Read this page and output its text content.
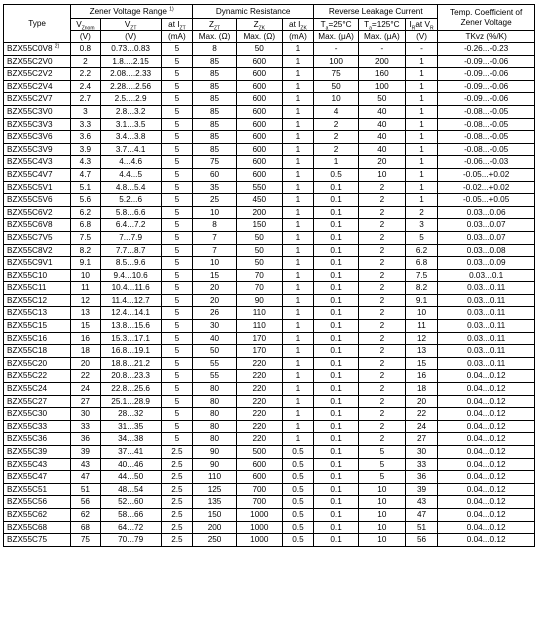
Type	Zener Voltage Range $^{1)}$			Dynamic Resistance			Reverse Leakage Current			Temp. Coefficient of Zener Voltage
	$V_{Znom}$	$V_{ZT}$	at $I_{ZT}$	$Z_{ZT}$	$Z_{ZK}$	at $I_{ZK}$	$T_a=25^\circ C$	$T_a=125^\circ C$	$I_Rat$ $V_R$
	(V)	(V)	(mA)	Max. (Ω)	Max. (Ω)	(mA)	Max. (μA)	Max. (μA)	(V)	TKvz (%/K)
BZX55C0V8 $^{2)}$	0.8	0.73...0.83	5	8	50	1	-	-	-	-0.26...-0.23
BZX55C2V0	2	1.8....2.15	5	85	600	1	100	200	1	-0.09...-0.06
BZX55C2V2	2.2	2.08....2.33	5	85	600	1	75	160	1	-0.09...-0.06
BZX55C2V4	2.4	2.28....2.56	5	85	600	1	50	100	1	-0.09...-0.06
BZX55C2V7	2.7	2.5....2.9	5	85	600	1	10	50	1	-0.09...-0.06
BZX55C3V0	3	2.8...3.2	5	85	600	1	4	40	1	-0.08...-0.05
BZX55C3V3	3.3	3.1...3.5	5	85	600	1	2	40	1	-0.08...-0.05
BZX55C3V6	3.6	3.4...3.8	5	85	600	1	2	40	1	-0.08...-0.05
BZX55C3V9	3.9	3.7...4.1	5	85	600	1	2	40	1	-0.08...-0.05
BZX55C4V3	4.3	4...4.6	5	75	600	1	1	20	1	-0.06...-0.03
BZX55C4V7	4.7	4.4...5	5	60	600	1	0.5	10	1	-0.05...+0.02
BZX55C5V1	5.1	4.8...5.4	5	35	550	1	0.1	2	1	-0.02...+0.02
BZX55C5V6	5.6	5.2...6	5	25	450	1	0.1	2	1	-0.05...+0.05
BZX55C6V2	6.2	5.8...6.6	5	10	200	1	0.1	2	2	0.03...0.06
BZX55C6V8	6.8	6.4...7.2	5	8	150	1	0.1	2	3	0.03...0.07
BZX55C7V5	7.5	7...7.9	5	7	50	1	0.1	2	5	0.03...0.07
BZX55C8V2	8.2	7.7...8.7	5	7	50	1	0.1	2	6.2	0.03...0.08
BZX55C9V1	9.1	8.5...9.6	5	10	50	1	0.1	2	6.8	0.03...0.09
BZX55C10	10	9.4...10.6	5	15	70	1	0.1	2	7.5	0.03...0.1
BZX55C11	11	10.4...11.6	5	20	70	1	0.1	2	8.2	0.03...0.11
BZX55C12	12	11.4...12.7	5	20	90	1	0.1	2	9.1	0.03...0.11
BZX55C13	13	12.4...14.1	5	26	110	1	0.1	2	10	0.03...0.11
BZX55C15	15	13.8...15.6	5	30	110	1	0.1	2	11	0.03...0.11
BZX55C16	16	15.3...17.1	5	40	170	1	0.1	2	12	0.03...0.11
BZX55C18	18	16.8...19.1	5	50	170	1	0.1	2	13	0.03...0.11
BZX55C20	20	18.8...21.2	5	55	220	1	0.1	2	15	0.03...0.11
BZX55C22	22	20.8...23.3	5	55	220	1	0.1	2	16	0.04...0.12
BZX55C24	24	22.8...25.6	5	80	220	1	0.1	2	18	0.04...0.12
BZX55C27	27	25.1...28.9	5	80	220	1	0.1	2	20	0.04...0.12
BZX55C30	30	28...32	5	80	220	1	0.1	2	22	0.04...0.12
BZX55C33	33	31...35	5	80	220	1	0.1	2	24	0.04...0.12
BZX55C36	36	34...38	5	80	220	1	0.1	2	27	0.04...0.12
BZX55C39	39	37...41	2.5	90	500	0.5	0.1	5	30	0.04...0.12
BZX55C43	43	40...46	2.5	90	600	0.5	0.1	5	33	0.04...0.12
BZX55C47	47	44...50	2.5	110	600	0.5	0.1	5	36	0.04...0.12
BZX55C51	51	48...54	2.5	125	700	0.5	0.1	10	39	0.04...0.12
BZX55C56	56	52...60	2.5	135	700	0.5	0.1	10	43	0.04...0.12
BZX55C62	62	58...66	2.5	150	1000	0.5	0.1	10	47	0.04...0.12
BZX55C68	68	64...72	2.5	200	1000	0.5	0.1	10	51	0.04...0.12
BZX55C75	75	70...79	2.5	250	1000	0.5	0.1	10	56	0.04...0.12
